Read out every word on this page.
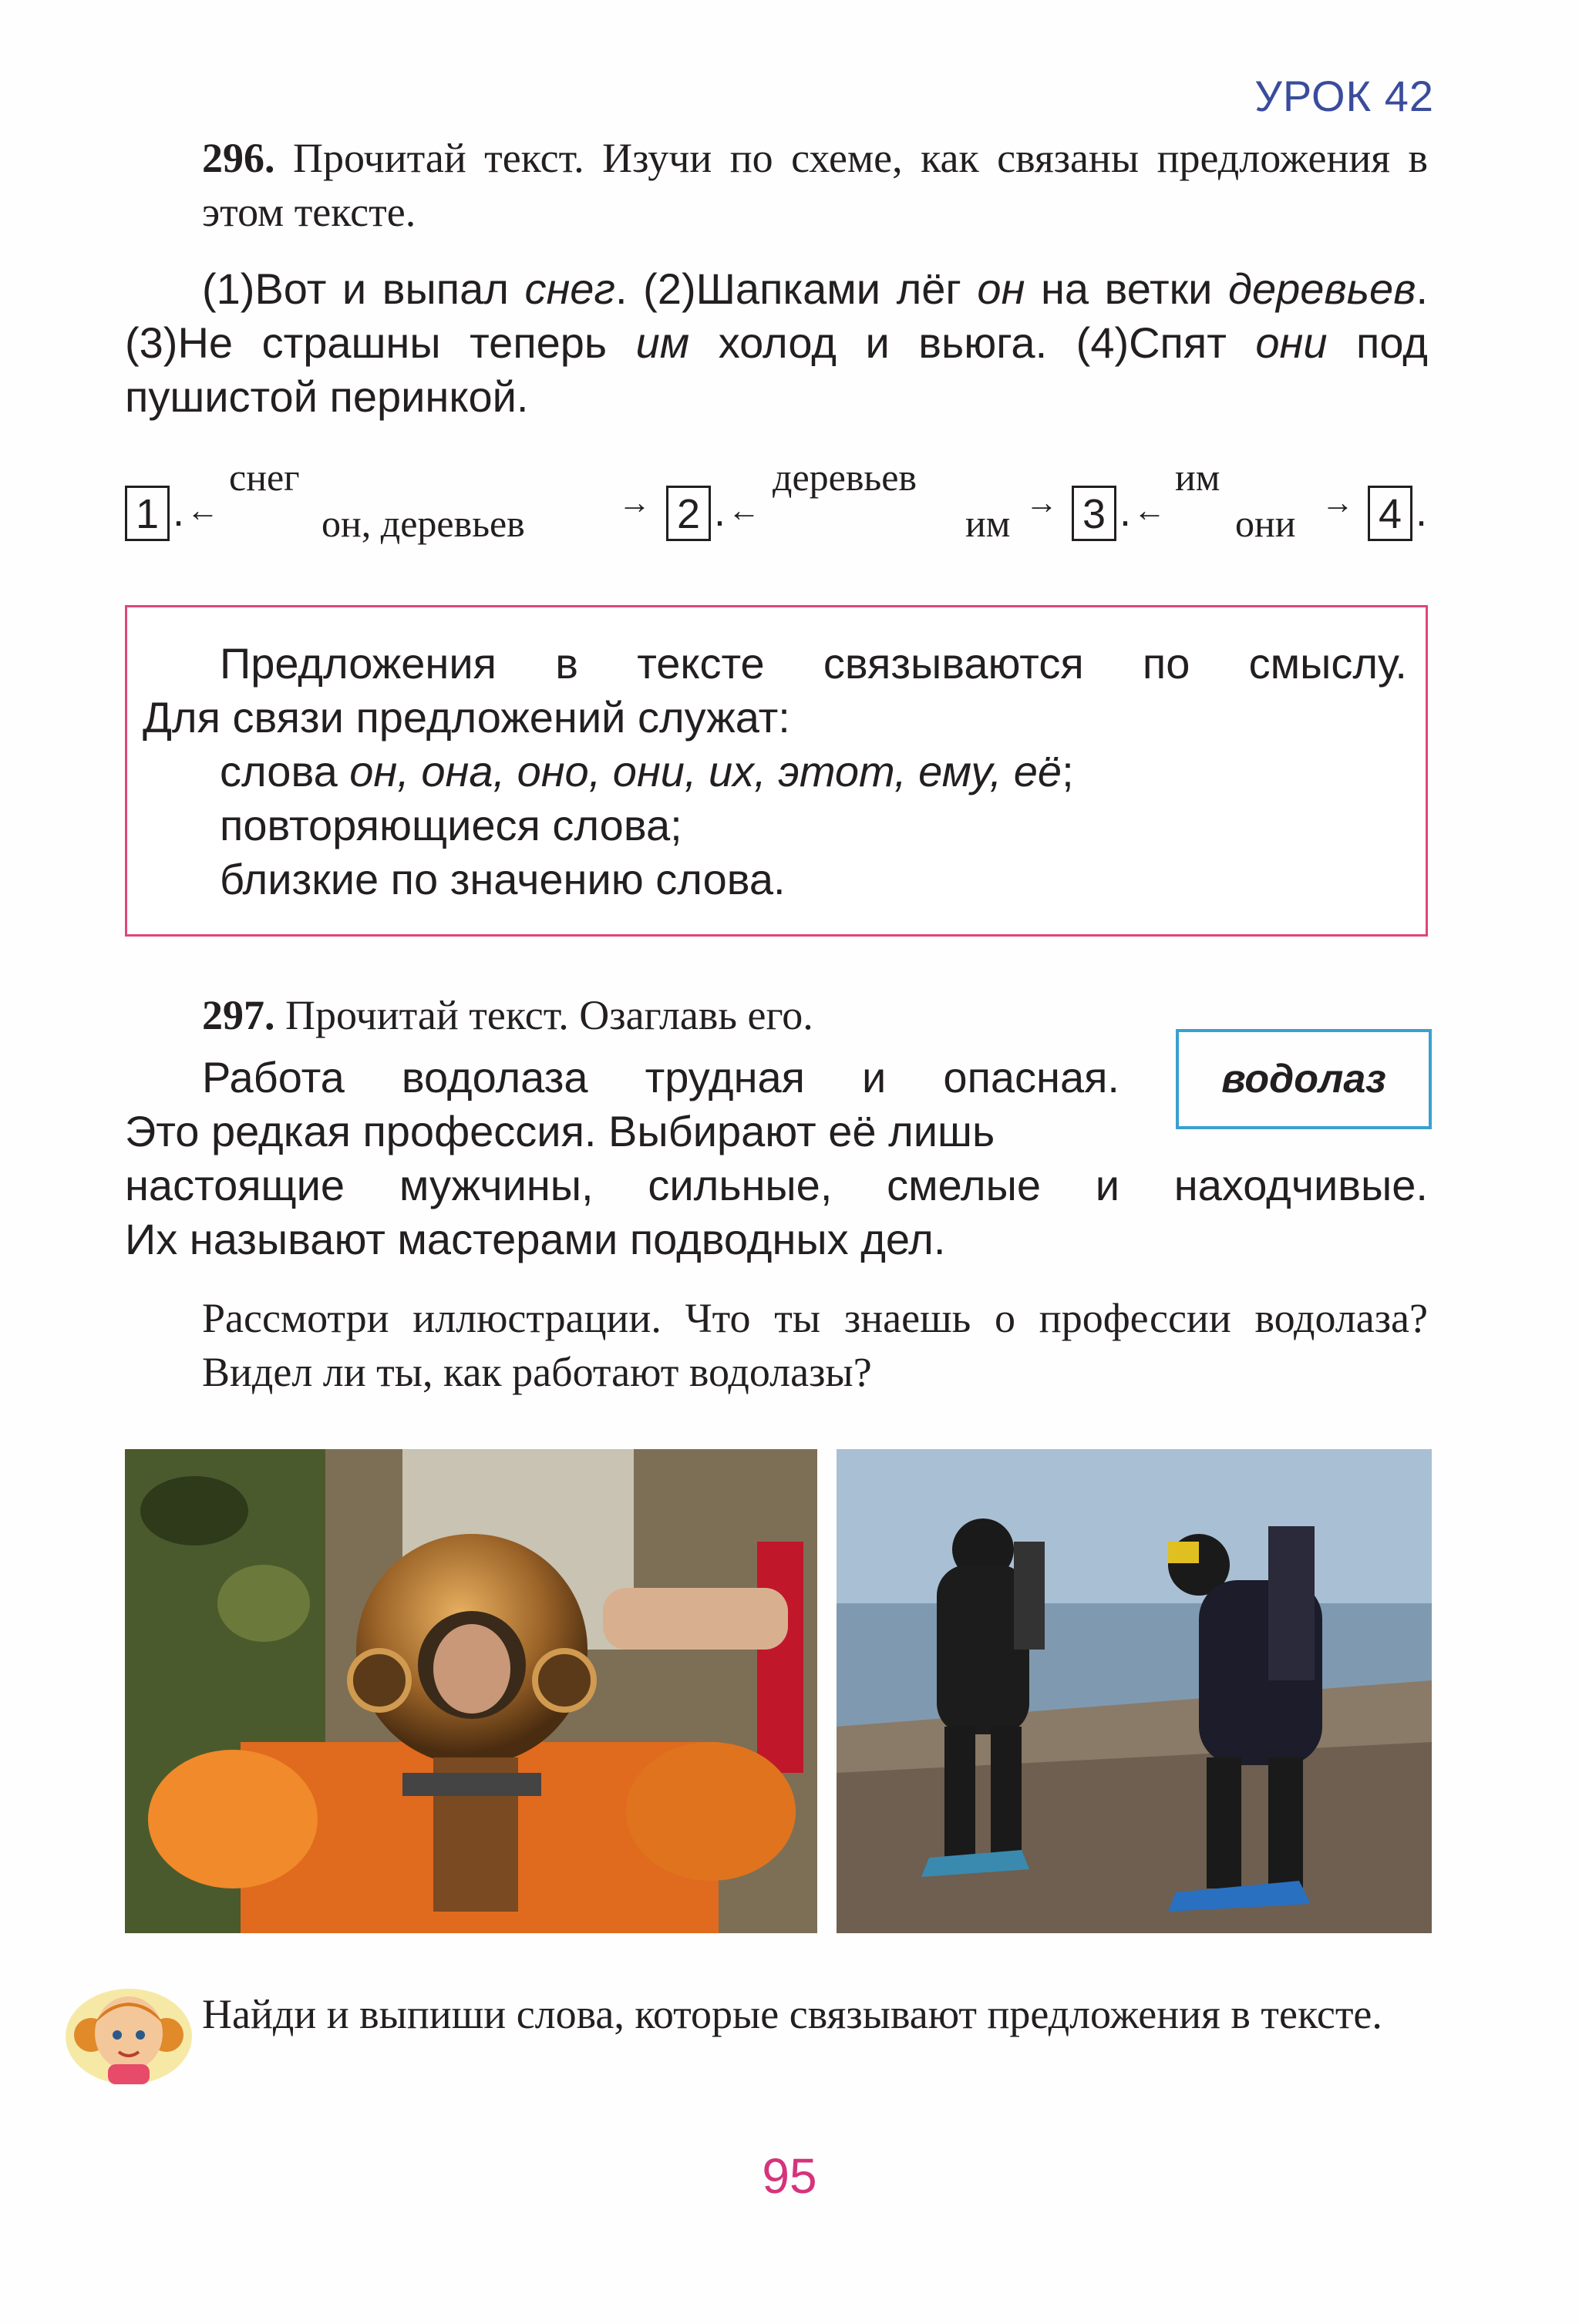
УРОК 42
296. Прочитай текст. Изучи по схеме, как связаны предложения в этом тексте.
(1)Вот и выпал снег. (2)Шапками лёг он на ветки деревьев. (3)Не страшны теперь им холод и вьюга. (4)Спят они под пушистой перинкой.
1 . ←
снег
он, деревьев	→ 2 . ←
деревьев
им → 3 . ←
им
они → 4 .
Предложения в тексте связываются по смыслу.
Для связи предложений служат:
слова он, она, оно, они, их, этот, ему, её;
повторяющиеся слова;
близкие по значению слова.
297. Прочитай текст. Озаглавь его.
водолаз
Работа водолаза трудная и опасная.
Это редкая профессия. Выбирают её лишь
настоящие мужчины, сильные, смелые и находчивые.
Их называют мастерами подводных дел.
Рассмотри иллюстрации. Что ты знаешь о профессии водолаза? Видел ли ты, как работают водолазы?
Найди и выпиши слова, которые связывают предложения в тексте.
95
